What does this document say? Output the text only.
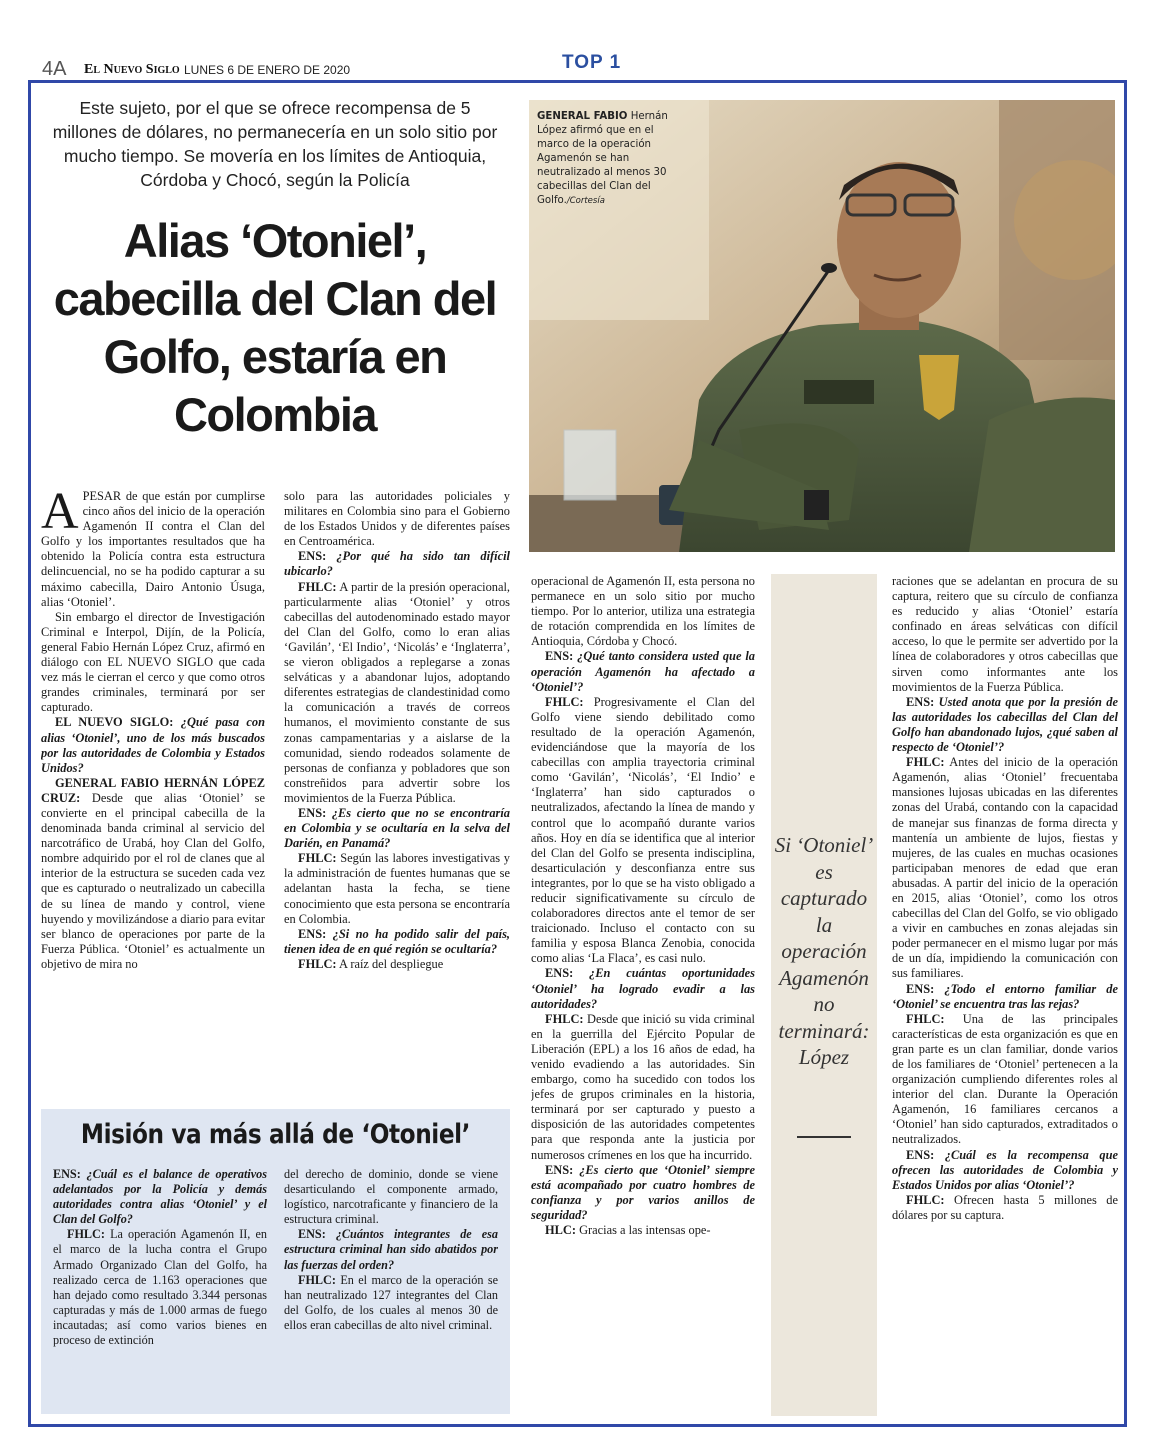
4A El Nuevo Siglo LUNES 6 DE ENERO DE 2020	TOP 1
Este sujeto, por el que se ofrece recompensa de 5 millones de dólares, no permanecería en un solo sitio por mucho tiempo. Se movería en los límites de Antioquia, Córdoba y Chocó, según la Policía
Alias ‘Otoniel’, cabecilla del Clan del Golfo, estaría en Colombia
GENERAL FABIO Hernán López afirmó que en el marco de la operación Agamenón se han neutralizado al menos 30 cabecillas del Clan del Golfo./Cortesía

APESAR de que están por cumplirse cinco años del inicio de la operación Agamenón II contra el Clan del Golfo y los importantes resultados que ha obtenido la Policía contra esta estructura delincuencial, no se ha podido capturar a su máximo cabecilla, Dairo Antonio Úsuga, alias ‘Otoniel’.

Sin embargo el director de Investigación Criminal e Interpol, Dijín, de la Policía, general Fabio Hernán López Cruz, afirmó en diálogo con EL NUEVO SIGLO que cada vez más le cierran el cerco y que como otros grandes criminales, terminará por ser capturado.

EL NUEVO SIGLO: ¿Qué pasa con alias ‘Otoniel’, uno de los más buscados por las autoridades de Colombia y Estados Unidos?

GENERAL FABIO HERNÁN LÓPEZ CRUZ: Desde que alias ‘Otoniel’ se convierte en el principal cabecilla de la denominada banda criminal al servicio del narcotráfico de Urabá, hoy Clan del Golfo, nombre adquirido por el rol de clanes que al interior de la estructura se suceden cada vez que es capturado o neutralizado un cabecilla de su línea de mando y control, viene huyendo y movilizándose a diario para evitar ser blanco de operaciones por parte de la Fuerza Pública. ‘Otoniel’ es actualmente un objetivo de mira no

solo para las autoridades policiales y militares en Colombia sino para el Gobierno de los Estados Unidos y de diferentes países en Centroamérica.

ENS: ¿Por qué ha sido tan difícil ubicarlo?

FHLC: A partir de la presión operacional, particularmente alias ‘Otoniel’ y otros cabecillas del autodenominado estado mayor del Clan del Golfo, como lo eran alias ‘Gavilán’, ‘El Indio’, ‘Nicolás’ e ‘Inglaterra’, se vieron obligados a replegarse a zonas selváticas y a abandonar lujos, adoptando diferentes estrategias de clandestinidad como la comunicación a través de correos humanos, el movimiento constante de sus zonas campamentarias y a aislarse de la comunidad, siendo rodeados solamente de personas de confianza y pobladores que son constreñidos para advertir sobre los movimientos de la Fuerza Pública.

ENS: ¿Es cierto que no se encontraría en Colombia y se ocultaría en la selva del Darién, en Panamá?

FHLC: Según las labores investigativas y la administración de fuentes humanas que se adelantan hasta la fecha, se tiene conocimiento que esta persona se encontraría en Colombia.

ENS: ¿Si no ha podido salir del país, tienen idea de en qué región se ocultaría?

FHLC: A raíz del despliegue

Misión va más allá de ‘Otoniel’

ENS: ¿Cuál es el balance de operativos adelantados por la Policía y demás autoridades contra alias ‘Otoniel’ y el Clan del Golfo?

FHLC: La operación Agamenón II, en el marco de la lucha contra el Grupo Armado Organizado Clan del Golfo, ha realizado cerca de 1.163 operaciones que han dejado como resultado 3.344 personas capturadas y más de 1.000 armas de fuego incautadas; así como varios bienes en proceso de extinción

del derecho de dominio, donde se viene desarticulando el componente armado, logístico, narcotraficante y financiero de la estructura criminal.

ENS: ¿Cuántos integrantes de esa estructura criminal han sido abatidos por las fuerzas del orden?

FHLC: En el marco de la operación se han neutralizado 127 integrantes del Clan del Golfo, de los cuales al menos 30 de ellos eran cabecillas de alto nivel criminal.

operacional de Agamenón II, esta persona no permanece en un solo sitio por mucho tiempo. Por lo anterior, utiliza una estrategia de rotación comprendida en los límites de Antioquia, Córdoba y Chocó.

ENS: ¿Qué tanto considera usted que la operación Agamenón ha afectado a ‘Otoniel’?

FHLC: Progresivamente el Clan del Golfo viene siendo debilitado como resultado de la operación Agamenón, evidenciándose que la mayoría de los cabecillas con amplia trayectoria criminal como ‘Gavilán’, ‘Nicolás’, ‘El Indio’ e ‘Inglaterra’ han sido capturados o neutralizados, afectando la línea de mando y control que lo acompañó durante varios años. Hoy en día se identifica que al interior del Clan del Golfo se presenta indisciplina, desarticulación y desconfianza entre sus integrantes, por lo que se ha visto obligado a reducir significativamente su círculo de colaboradores directos ante el temor de ser traicionado. Incluso el contacto con su familia y esposa Blanca Zenobia, conocida como alias ‘La Flaca’, es casi nulo.

ENS: ¿En cuántas oportunidades ‘Otoniel’ ha logrado evadir a las autoridades?

FHLC: Desde que inició su vida criminal en la guerrilla del Ejército Popular de Liberación (EPL) a los 16 años de edad, ha venido evadiendo a las autoridades. Sin embargo, como ha sucedido con todos los jefes de grupos criminales en la historia, terminará por ser capturado y puesto a disposición de las autoridades competentes para que responda ante la justicia por numerosos crímenes en los que ha incurrido.

ENS: ¿Es cierto que ‘Otoniel’ siempre está acompañado por cuatro hombres de confianza y por varios anillos de seguridad?

HLC: Gracias a las intensas ope-

Si ‘Otoniel’ es capturado la operación Agamenón no terminará: López

raciones que se adelantan en procura de su captura, reitero que su círculo de confianza es reducido y alias ‘Otoniel’ estaría confinado en áreas selváticas con difícil acceso, lo que le permite ser advertido por la línea de colaboradores y otros cabecillas que sirven como informantes ante los movimientos de la Fuerza Pública.

ENS: Usted anota que por la presión de las autoridades los cabecillas del Clan del Golfo han abandonado lujos, ¿qué saben al respecto de ‘Otoniel’?

FHLC: Antes del inicio de la operación Agamenón, alias ‘Otoniel’ frecuentaba mansiones lujosas ubicadas en las diferentes zonas del Urabá, contando con la capacidad de manejar sus finanzas de forma directa y mantenía un ambiente de lujos, fiestas y mujeres, de las cuales en muchas ocasiones participaban menores de edad que eran abusadas. A partir del inicio de la operación en 2015, alias ‘Otoniel’, como los otros cabecillas del Clan del Golfo, se vio obligado a vivir en cambuches en zonas alejadas sin poder permanecer en el mismo lugar por más de un día, impidiendo la comunicación con sus familiares.

ENS: ¿Todo el entorno familiar de ‘Otoniel’ se encuentra tras las rejas?

FHLC: Una de las principales características de esta organización es que en gran parte es un clan familiar, donde varios de los familiares de ‘Otoniel’ pertenecen a la organización cumpliendo diferentes roles al interior del clan. Durante la Operación Agamenón, 16 familiares cercanos a ‘Otoniel’ han sido capturados, extraditados o neutralizados.

ENS: ¿Cuál es la recompensa que ofrecen las autoridades de Colombia y Estados Unidos por alias ‘Otoniel’?

FHLC: Ofrecen hasta 5 millones de dólares por su captura.
